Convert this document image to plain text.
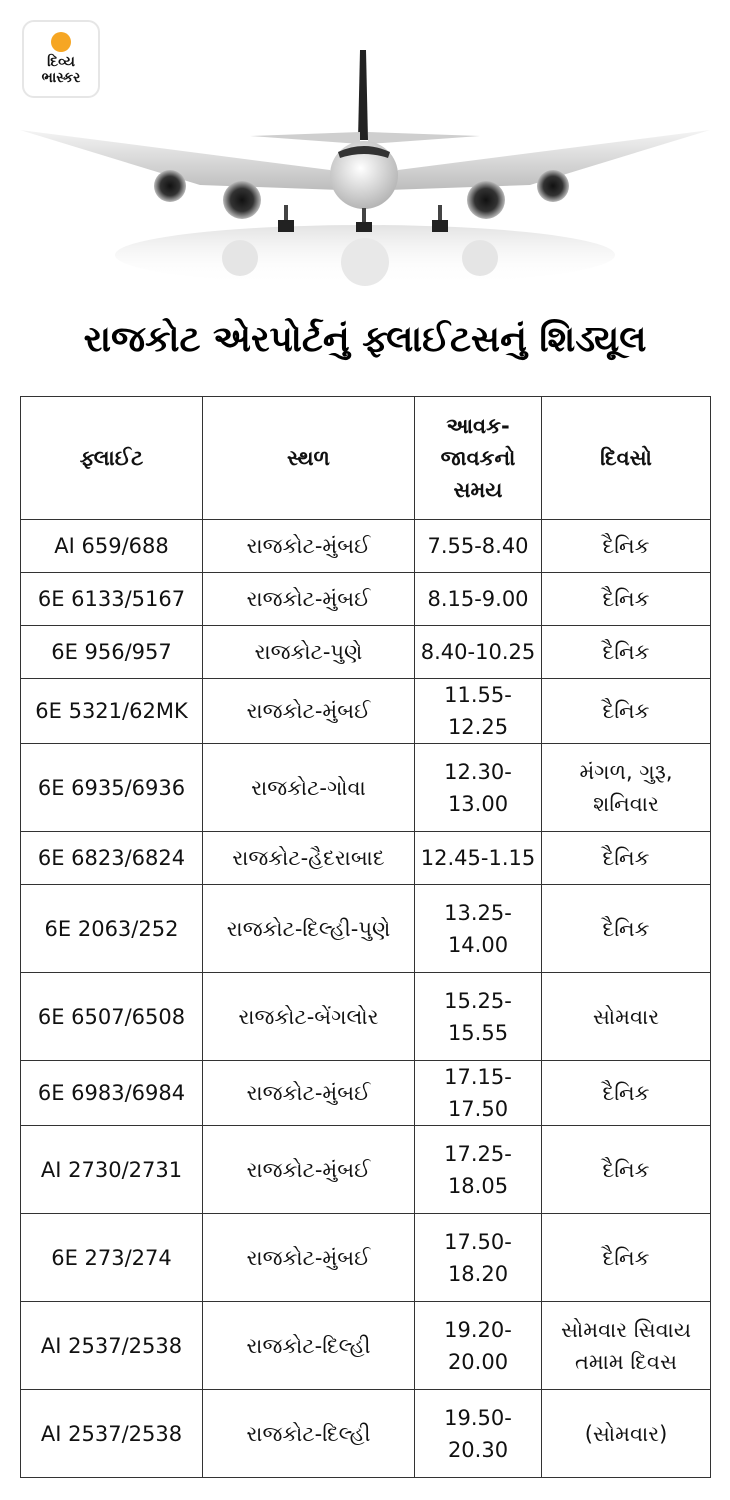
દિવ્ય
ભાસ્કર
રાજકોટ એરપોર્ટનું ફ્લાઈટસનું શિડ્યૂલ
ફ્લાઈટ	સ્થળ	આવક-જાવકનો સમય	દિવસો
AI 659/688	રાજકોટ-મુંબઈ	7.55-8.40	દૈનિક
6E 6133/5167	રાજકોટ-મુંબઈ	8.15-9.00	દૈનિક
6E 956/957	રાજકોટ-પુણે	8.40-10.25	દૈનિક
6E 5321/62MK	રાજકોટ-મુંબઈ	11.55-12.25	દૈનિક
6E 6935/6936	રાજકોટ-ગોવા	12.30-13.00	મંગળ, ગુરૂ, શનિવાર
6E 6823/6824	રાજકોટ-હૈદરાબાદ	12.45-1.15	દૈનિક
6E 2063/252	રાજકોટ-દિલ્હી-પુણે	13.25-14.00	દૈનિક
6E 6507/6508	રાજકોટ-બેંગલોર	15.25-15.55	સોમવાર
6E 6983/6984	રાજકોટ-મુંબઈ	17.15-17.50	દૈનિક
AI 2730/2731	રાજકોટ-મુંબઈ	17.25-18.05	દૈનિક
6E 273/274	રાજકોટ-મુંબઈ	17.50-18.20	દૈનિક
AI 2537/2538	રાજકોટ-દિલ્હી	19.20-20.00	સોમવાર સિવાય તમામ દિવસ
AI 2537/2538	રાજકોટ-દિલ્હી	19.50-20.30	(સોમવાર)
